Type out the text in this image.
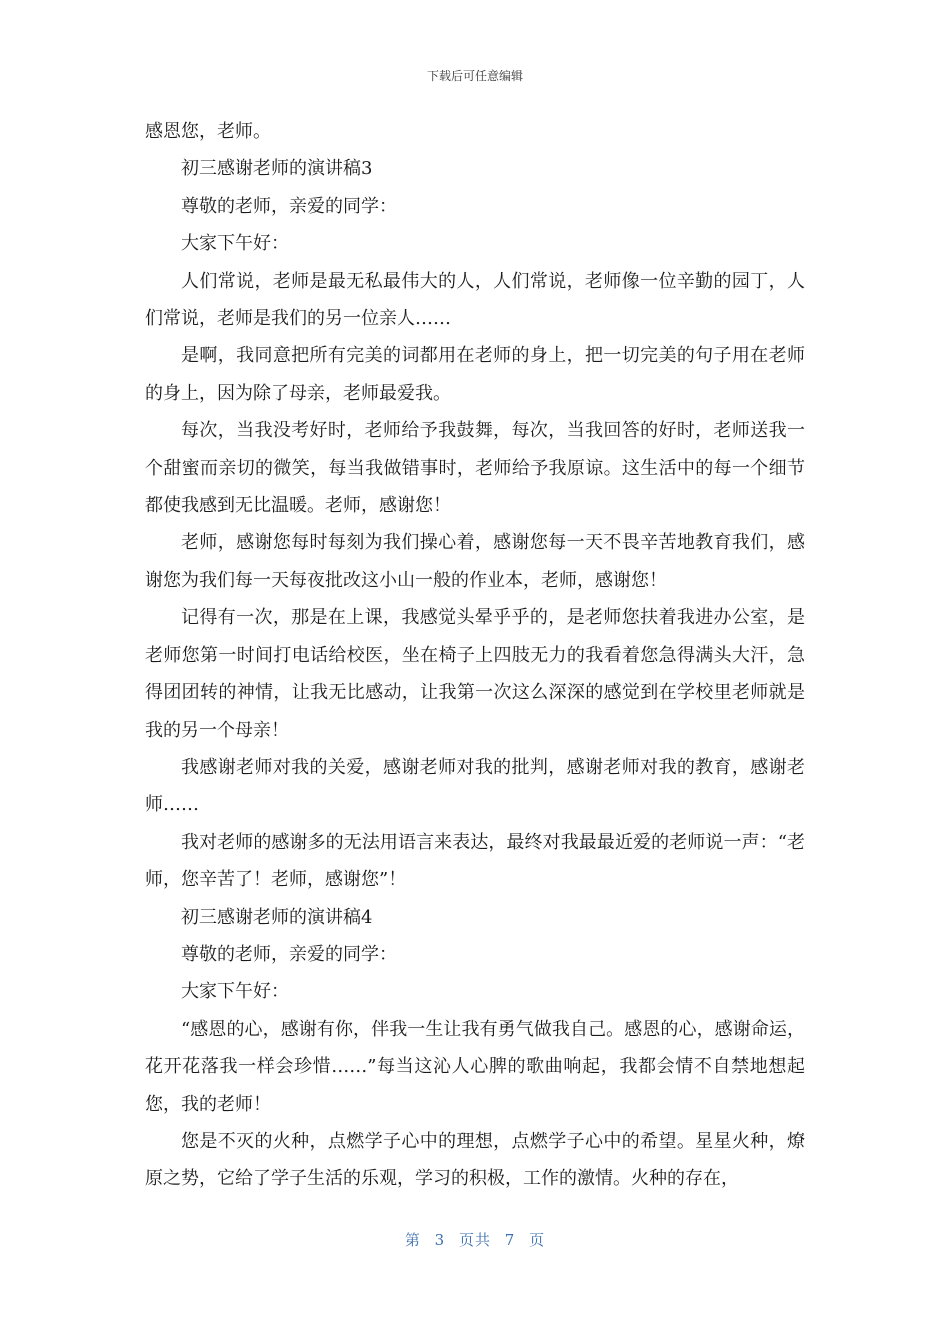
下载后可任意编辑

感恩您，老师。

初三感谢老师的演讲稿3

尊敬的老师，亲爱的同学：

大家下午好：

人们常说，老师是最无私最伟大的人，人们常说，老师像一位辛勤的园丁，人们常说，老师是我们的另一位亲人……

是啊，我同意把所有完美的词都用在老师的身上，把一切完美的句子用在老师的身上，因为除了母亲，老师最爱我。

每次，当我没考好时，老师给予我鼓舞，每次，当我回答的好时，老师送我一个甜蜜而亲切的微笑，每当我做错事时，老师给予我原谅。这生活中的每一个细节都使我感到无比温暖。老师，感谢您！

老师，感谢您每时每刻为我们操心着，感谢您每一天不畏辛苦地教育我们，感谢您为我们每一天每夜批改这小山一般的作业本，老师，感谢您！

记得有一次，那是在上课，我感觉头晕乎乎的，是老师您扶着我进办公室，是老师您第一时间打电话给校医，坐在椅子上四肢无力的我看着您急得满头大汗，急得团团转的神情，让我无比感动，让我第一次这么深深的感觉到在学校里老师就是我的另一个母亲！

我感谢老师对我的关爱，感谢老师对我的批判，感谢老师对我的教育，感谢老师……

我对老师的感谢多的无法用语言来表达，最终对我最最近爱的老师说一声：“老师，您辛苦了！老师，感谢您”！

初三感谢老师的演讲稿4

尊敬的老师，亲爱的同学：

大家下午好：

“感恩的心，感谢有你，伴我一生让我有勇气做我自己。感恩的心，感谢命运，花开花落我一样会珍惜……”每当这沁人心脾的歌曲响起，我都会情不自禁地想起您，我的老师！

您是不灭的火种，点燃学子心中的理想，点燃学子心中的希望。星星火种，燎原之势，它给了学子生活的乐观，学习的积极，工作的激情。火种的存在，

第 3 页共 7 页
